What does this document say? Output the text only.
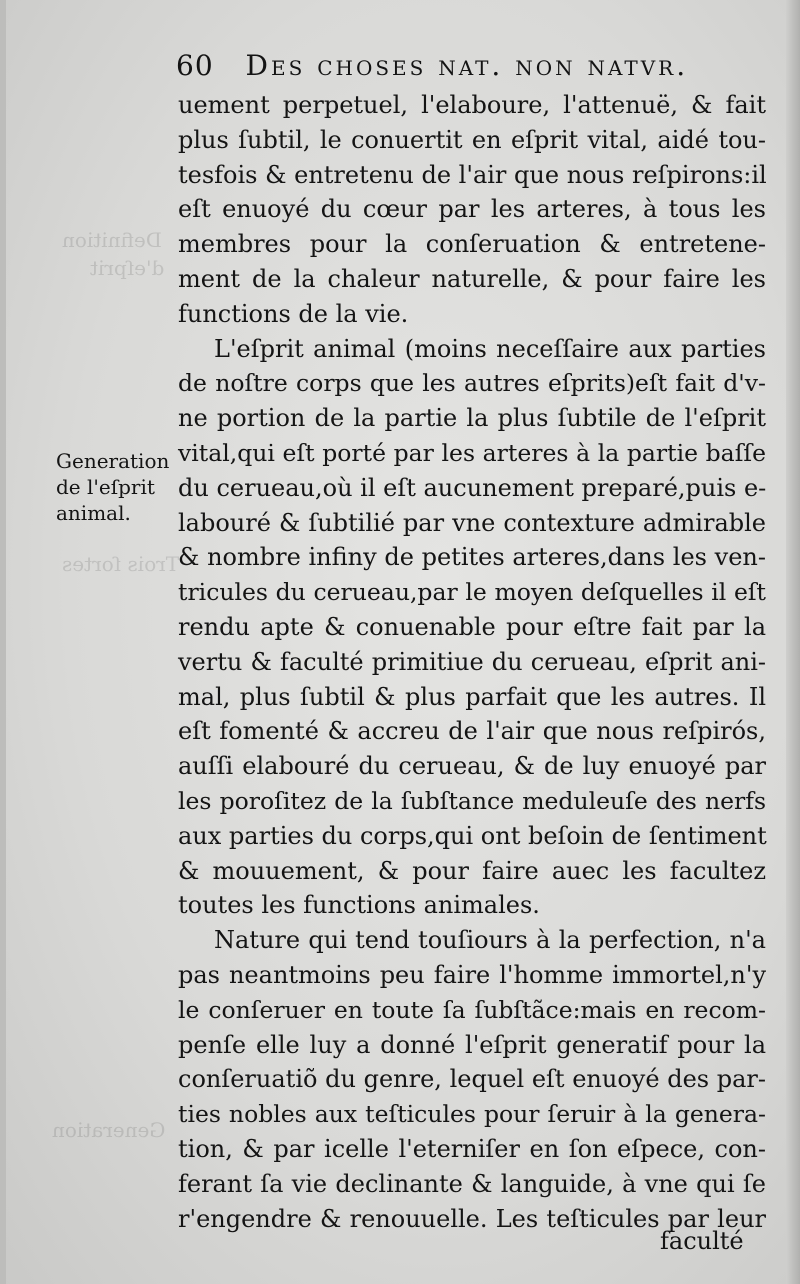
Definition
d'eſprit
Trois ſortes
Generation
60 Des choses nat. non natvr.
Generation
de l'eſprit
animal.
uement perpetuel, l'elaboure, l'attenuë, & fait
plus ſubtil, le conuertit en eſprit vital, aidé tou-
tesfois & entretenu de l'air que nous reſpirons:il
eſt enuoyé du cœur par les arteres, à tous les
membres pour la conſeruation & entretene-
ment de la chaleur naturelle, & pour faire les
functions de la vie.
L'eſprit animal (moins neceſſaire aux parties
de noſtre corps que les autres eſprits)eſt fait d'v-
ne portion de la partie la plus ſubtile de l'eſprit
vital,qui eſt porté par les arteres à la partie baſſe
du cerueau,où il eſt aucunement preparé,puis e-
labouré & ſubtilié par vne contexture admirable
& nombre infiny de petites arteres,dans les ven-
tricules du cerueau,par le moyen deſquelles il eſt
rendu apte & conuenable pour eſtre fait par la
vertu & faculté primitiue du cerueau, eſprit ani-
mal, plus ſubtil & plus parfait que les autres. Il
eſt fomenté & accreu de l'air que nous reſpirós,
auſſi elabouré du cerueau, & de luy enuoyé par
les poroſitez de la ſubſtance meduleuſe des nerfs
aux parties du corps,qui ont beſoin de ſentiment
& mouuement, & pour faire auec les facultez
toutes les functions animales.
Nature qui tend touſiours à la perfection, n'a
pas neantmoins peu faire l'homme immortel,n'y
le conſeruer en toute ſa ſubſtãce:mais en recom-
penſe elle luy a donné l'eſprit generatif pour la
conſeruatiõ du genre, lequel eſt enuoyé des par-
ties nobles aux teſticules pour ſeruir à la genera-
tion, & par icelle l'eterniſer en ſon eſpece, con-
ferant ſa vie declinante & languide, à vne qui ſe
r'engendre & renouuelle. Les teſticules par leur
faculté
